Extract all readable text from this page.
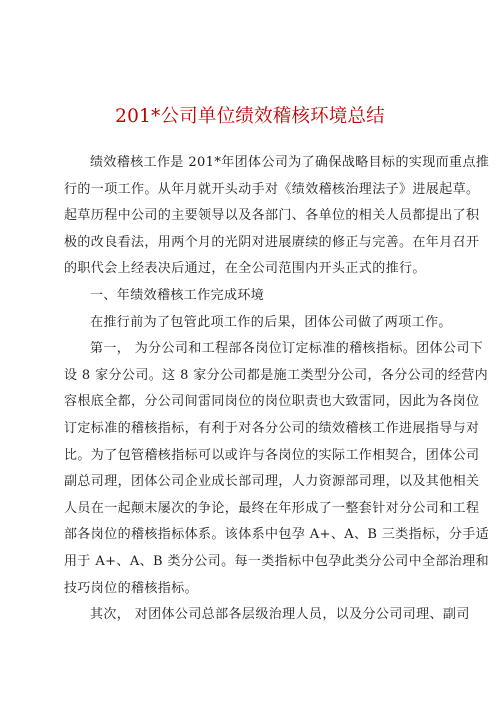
201*公司单位绩效稽核环境总结
绩效稽核工作是 201*年团体公司为了确保战略目标的实现而重点推
行的一项工作。从年月就开头动手对《绩效稽核治理法子》进展起草。
起草历程中公司的主要领导以及各部门、各单位的相关人员都提出了积
极的改良看法，用两个月的光阴对进展赓续的修正与完善。在年月召开
的职代会上经表决后通过，在全公司范围内开头正式的推行。
一、年绩效稽核工作完成环境
在推行前为了包管此项工作的后果，团体公司做了两项工作。
第一， 为分公司和工程部各岗位订定标准的稽核指标。团体公司下
设 8 家分公司。这 8 家分公司都是施工类型分公司，各分公司的经营内
容根底全都，分公司间雷同岗位的岗位职责也大致雷同，因此为各岗位
订定标准的稽核指标，有利于对各分公司的绩效稽核工作进展指导与对
比。为了包管稽核指标可以或许与各岗位的实际工作相契合，团体公司
副总司理，团体公司企业成长部司理，人力资源部司理，以及其他相关
人员在一起颠末屡次的争论，最终在年形成了一整套针对分公司和工程
部各岗位的稽核指标体系。该体系中包孕 A+、A、B 三类指标，分手适
用于 A+、A、B 类分公司。每一类指标中包孕此类分公司中全部治理和
技巧岗位的稽核指标。
其次， 对团体公司总部各层级治理人员，以及分公司司理、副司
